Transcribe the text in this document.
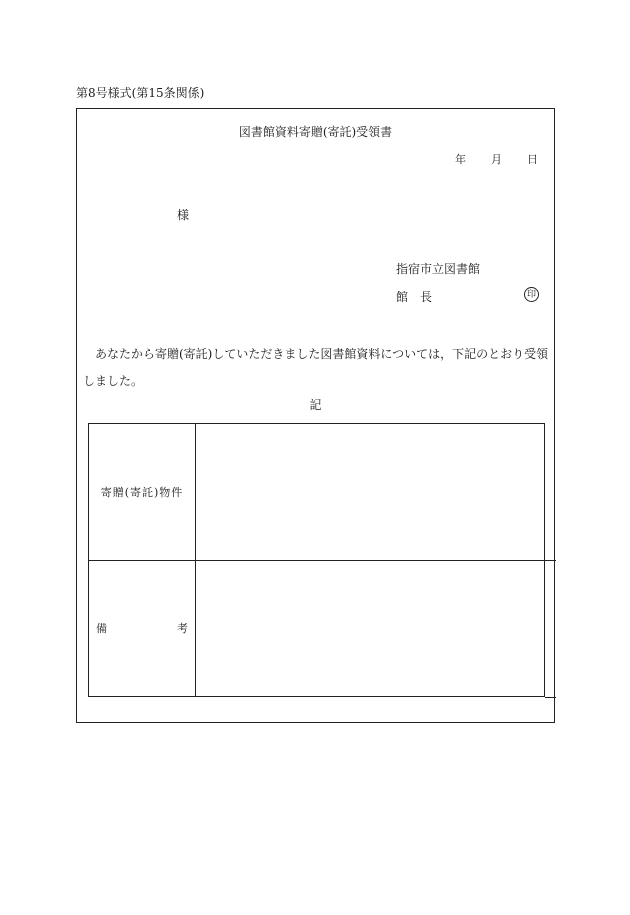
第8号様式(第15条関係)
図書館資料寄贈(寄託)受領書
年 月 日
様
指宿市立図書館
館 長	印
あなたから寄贈(寄託)していただきました図書館資料については，下記のとおり受領
しました。
記
寄贈(寄託)物件
備	考
